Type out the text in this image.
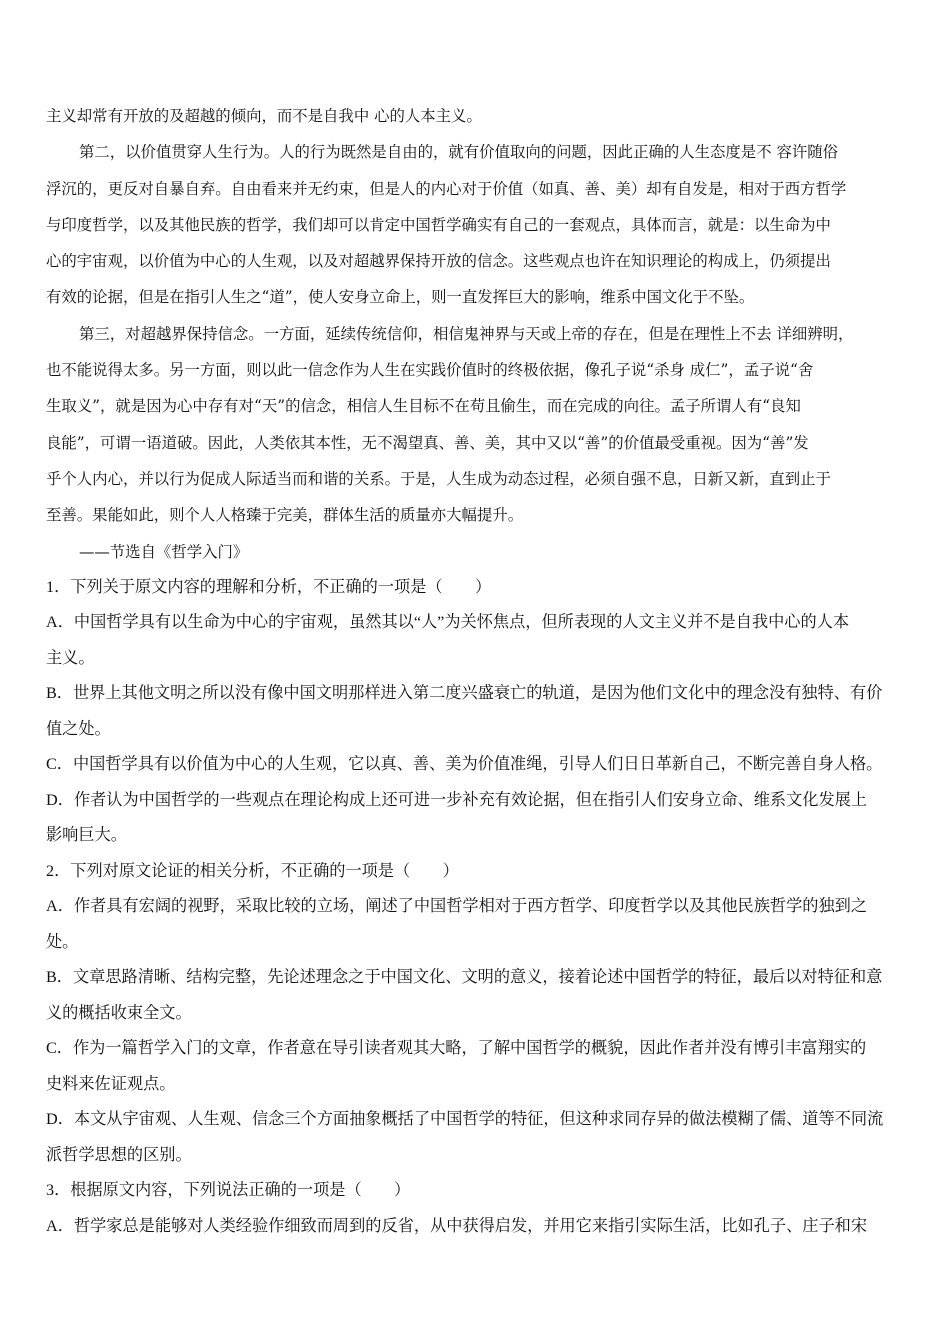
主义却常有开放的及超越的倾向，而不是自我中 心的人本主义。
第二，以价值贯穿人生行为。人的行为既然是自由的，就有价值取向的问题，因此正确的人生态度是不 容许随俗
浮沉的，更反对自暴自弃。自由看来并无约束，但是人的内心对于价值（如真、善、美）却有自发是，相对于西方哲学
与印度哲学，以及其他民族的哲学，我们却可以肯定中国哲学确实有自己的一套观点，具体而言，就是：以生命为中
心的宇宙观，以价值为中心的人生观，以及对超越界保持开放的信念。这些观点也许在知识理论的构成上，仍须提出
有效的论据，但是在指引人生之“道”，使人安身立命上，则一直发挥巨大的影响，维系中国文化于不坠。
第三，对超越界保持信念。一方面，延续传统信仰，相信鬼神界与天或上帝的存在，但是在理性上不去 详细辨明，
也不能说得太多。另一方面，则以此一信念作为人生在实践价值时的终极依据，像孔子说“杀身 成仁”，孟子说“舍
生取义”，就是因为心中存有对“天”的信念，相信人生目标不在苟且偷生，而在完成的向往。孟子所谓人有“良知
良能”，可谓一语道破。因此，人类依其本性，无不渴望真、善、美，其中又以“善”的价值最受重视。因为“善”发
乎个人内心，并以行为促成人际适当而和谐的关系。于是，人生成为动态过程，必须自强不息，日新又新，直到止于
至善。果能如此，则个人人格臻于完美，群体生活的质量亦大幅提升。
——节选自《哲学入门》
1．下列关于原文内容的理解和分析，不正确的一项是（　　）
A．中国哲学具有以生命为中心的宇宙观，虽然其以“人”为关怀焦点，但所表现的人文主义并不是自我中心的人本
主义。
B．世界上其他文明之所以没有像中国文明那样进入第二度兴盛衰亡的轨道，是因为他们文化中的理念没有独特、有价
值之处。
C．中国哲学具有以价值为中心的人生观，它以真、善、美为价值准绳，引导人们日日革新自己，不断完善自身人格。
D．作者认为中国哲学的一些观点在理论构成上还可进一步补充有效论据，但在指引人们安身立命、维系文化发展上
影响巨大。
2．下列对原文论证的相关分析，不正确的一项是（　　）
A．作者具有宏阔的视野，采取比较的立场，阐述了中国哲学相对于西方哲学、印度哲学以及其他民族哲学的独到之
处。
B．文章思路清晰、结构完整，先论述理念之于中国文化、文明的意义，接着论述中国哲学的特征，最后以对特征和意
义的概括收束全文。
C．作为一篇哲学入门的文章，作者意在导引读者观其大略，了解中国哲学的概貌，因此作者并没有博引丰富翔实的
史料来佐证观点。
D．本文从宇宙观、人生观、信念三个方面抽象概括了中国哲学的特征，但这种求同存异的做法模糊了儒、道等不同流
派哲学思想的区别。
3．根据原文内容，下列说法正确的一项是（　　）
A．哲学家总是能够对人类经验作细致而周到的反省，从中获得启发，并用它来指引实际生活，比如孔子、庄子和宋
